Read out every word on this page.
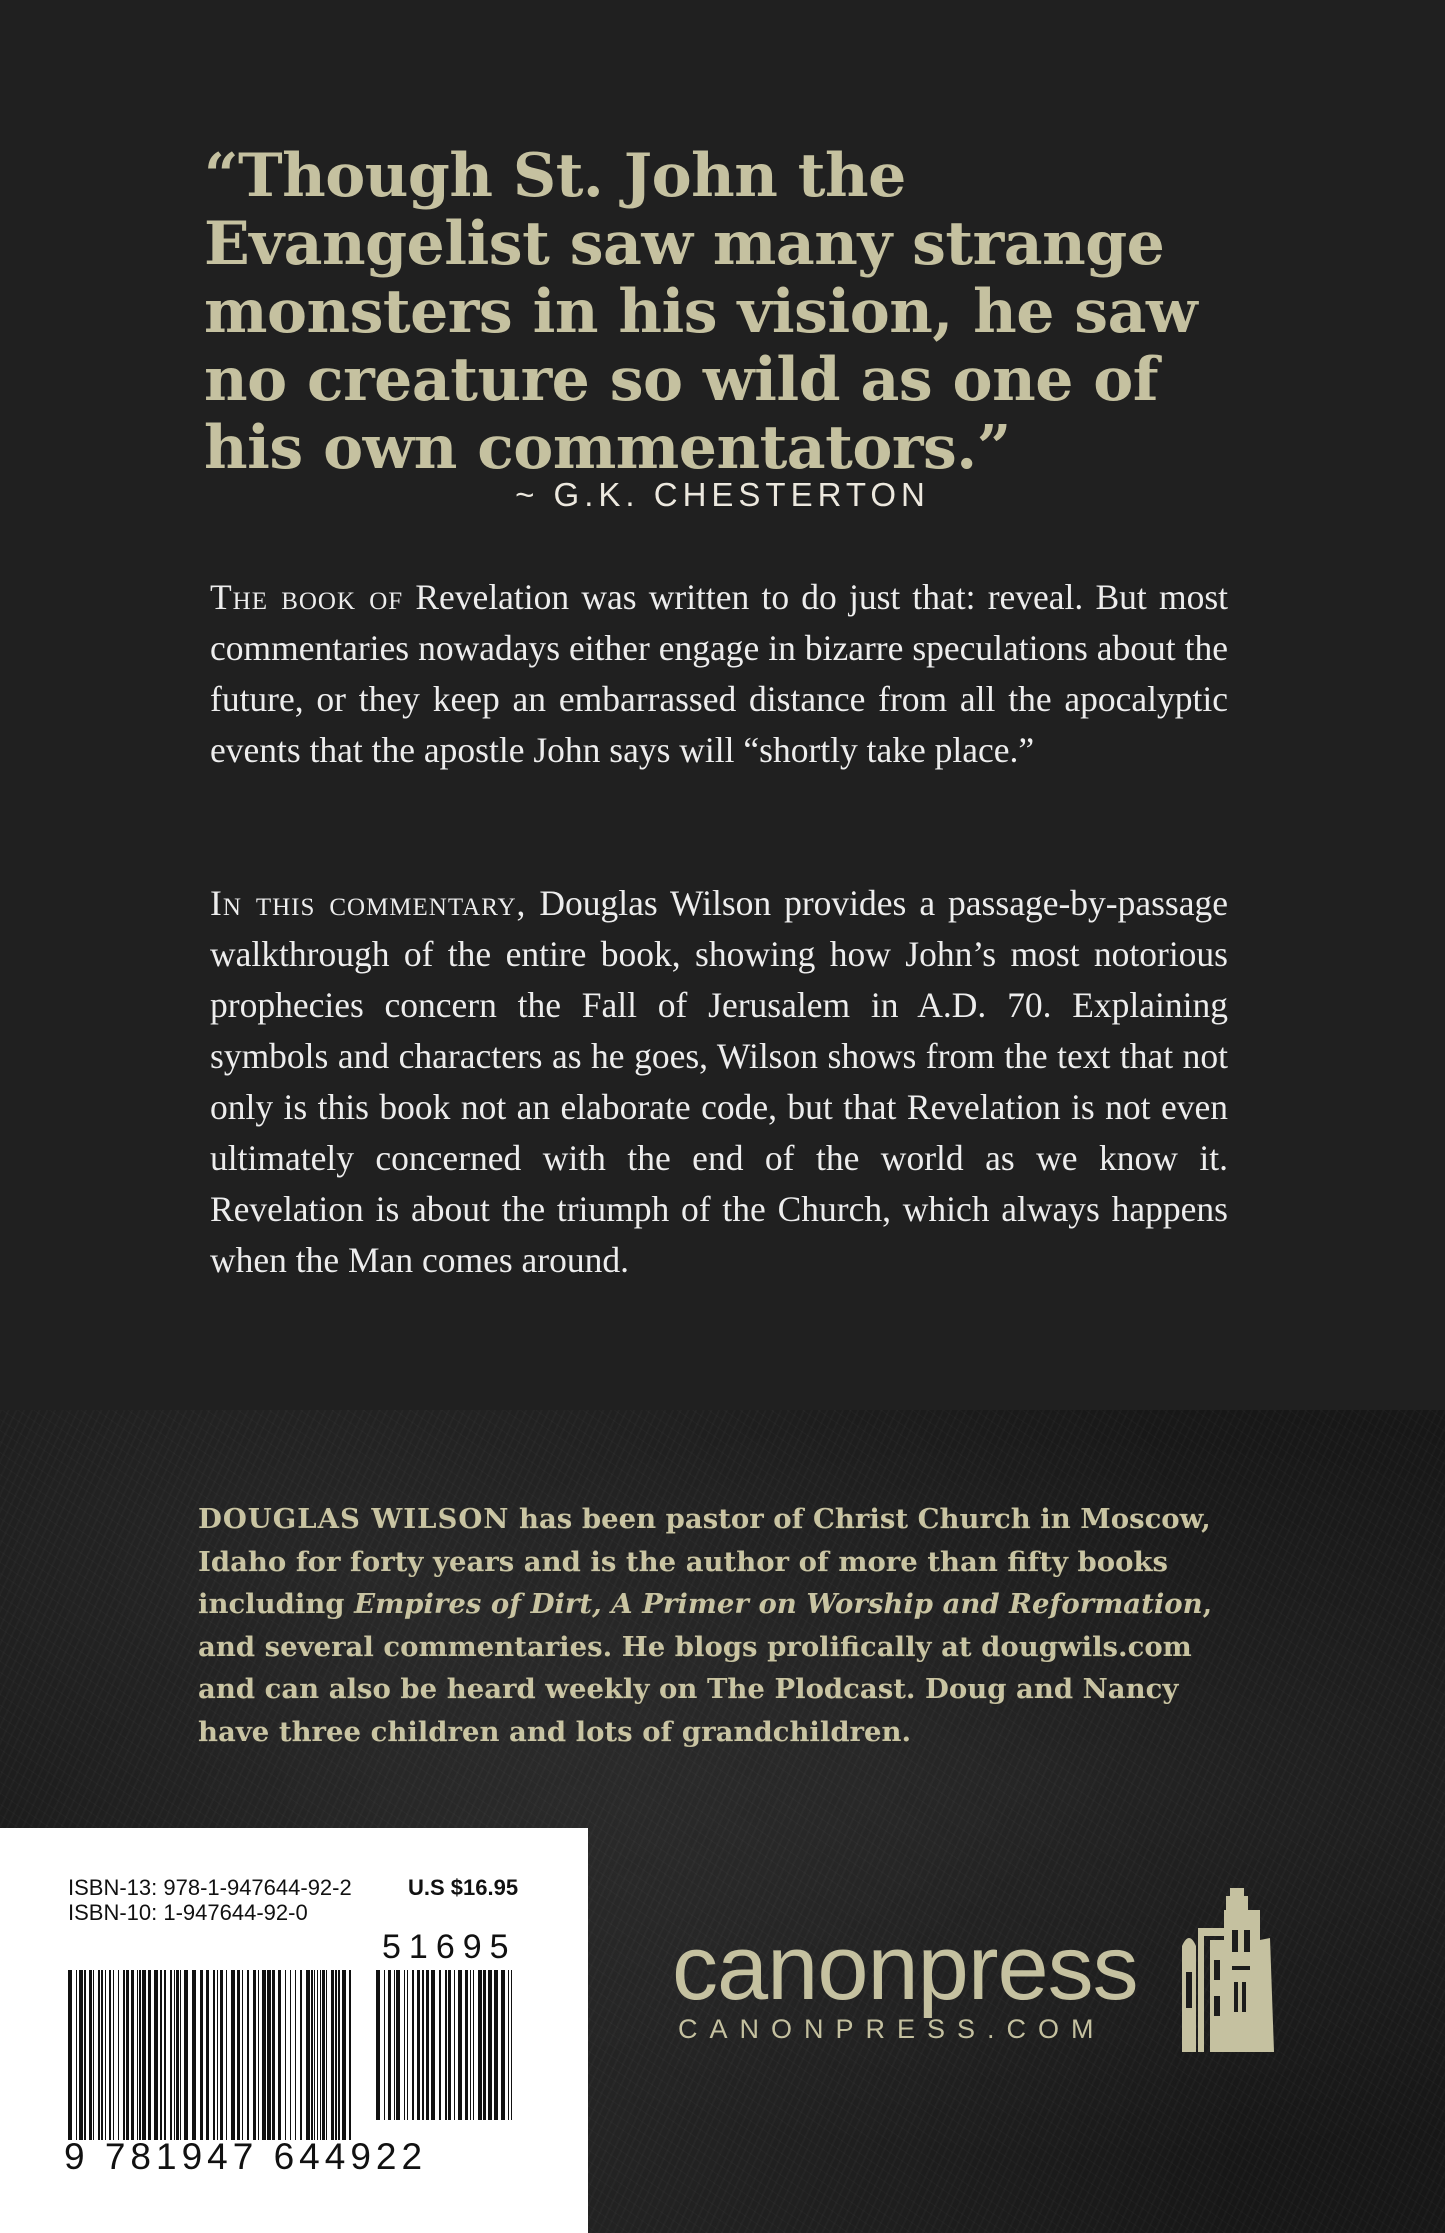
“Though St. John the Evangelist saw many strange monsters in his vision, he saw no creature so wild as one of his own commentators.”

~ G.K. CHESTERTON

The book of Revelation was written to do just that: reveal. But most commentaries nowadays either engage in bizarre speculations about the future, or they keep an embarrassed distance from all the apocalyptic events that the apostle John says will “shortly take place.”

In this commentary, Douglas Wilson provides a passage-by-passage walkthrough of the entire book, showing how John’s most notorious prophecies concern the Fall of Jerusalem in A.D. 70. Explaining symbols and characters as he goes, Wilson shows from the text that not only is this book not an elaborate code, but that Revelation is not even ultimately concerned with the end of the world as we know it. Revelation is about the triumph of the Church, which always happens when the Man comes around.

DOUGLAS WILSON has been pastor of Christ Church in Moscow, Idaho for forty years and is the author of more than fifty books including Empires of Dirt, A Primer on Worship and Reformation, and several commentaries. He blogs prolifically at dougwils.com and can also be heard weekly on The Plodcast. Doug and Nancy have three children and lots of grandchildren.

ISBN-13: 978-1-947644-92-2

ISBN-10: 1-947644-92-0

U.S $16.95

51695

9 781947 644922

canonpress

CANONPRESS.COM
